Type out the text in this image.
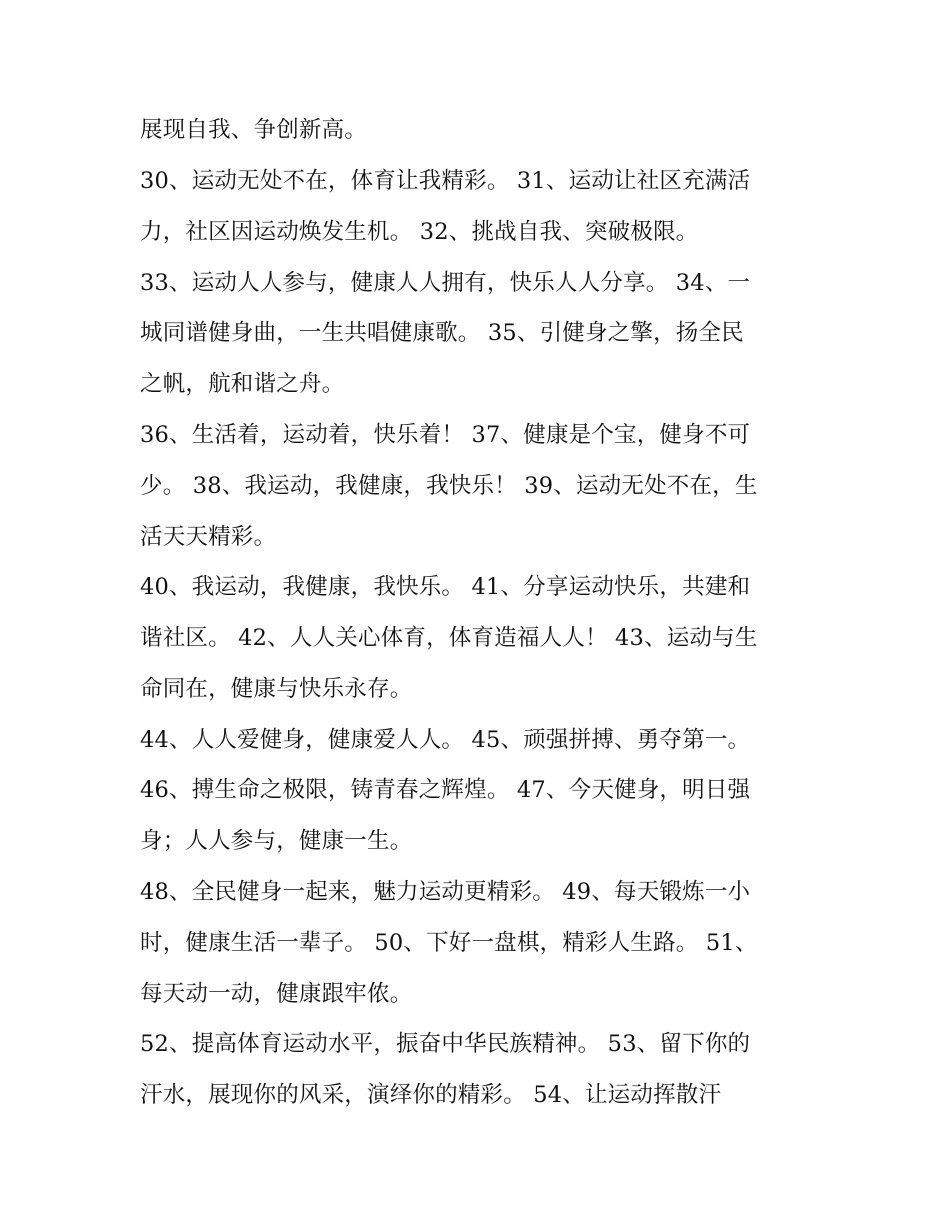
展现自我、争创新高。
30、运动无处不在，体育让我精彩。 31、运动让社区充满活
力，社区因运动焕发生机。 32、挑战自我、突破极限。
33、运动人人参与，健康人人拥有，快乐人人分享。 34、一
城同谱健身曲，一生共唱健康歌。 35、引健身之擎，扬全民
之帆，航和谐之舟。
36、生活着，运动着，快乐着！ 37、健康是个宝，健身不可
少。 38、我运动，我健康，我快乐！ 39、运动无处不在，生
活天天精彩。
40、我运动，我健康，我快乐。 41、分享运动快乐，共建和
谐社区。 42、人人关心体育，体育造福人人！ 43、运动与生
命同在，健康与快乐永存。
44、人人爱健身，健康爱人人。 45、顽强拼搏、勇夺第一。
46、搏生命之极限，铸青春之辉煌。 47、今天健身，明日强
身；人人参与，健康一生。
48、全民健身一起来，魅力运动更精彩。 49、每天锻炼一小
时，健康生活一辈子。 50、下好一盘棋，精彩人生路。 51、
每天动一动，健康跟牢侬。
52、提高体育运动水平，振奋中华民族精神。 53、留下你的
汗水，展现你的风采，演绎你的精彩。 54、让运动挥散汗
